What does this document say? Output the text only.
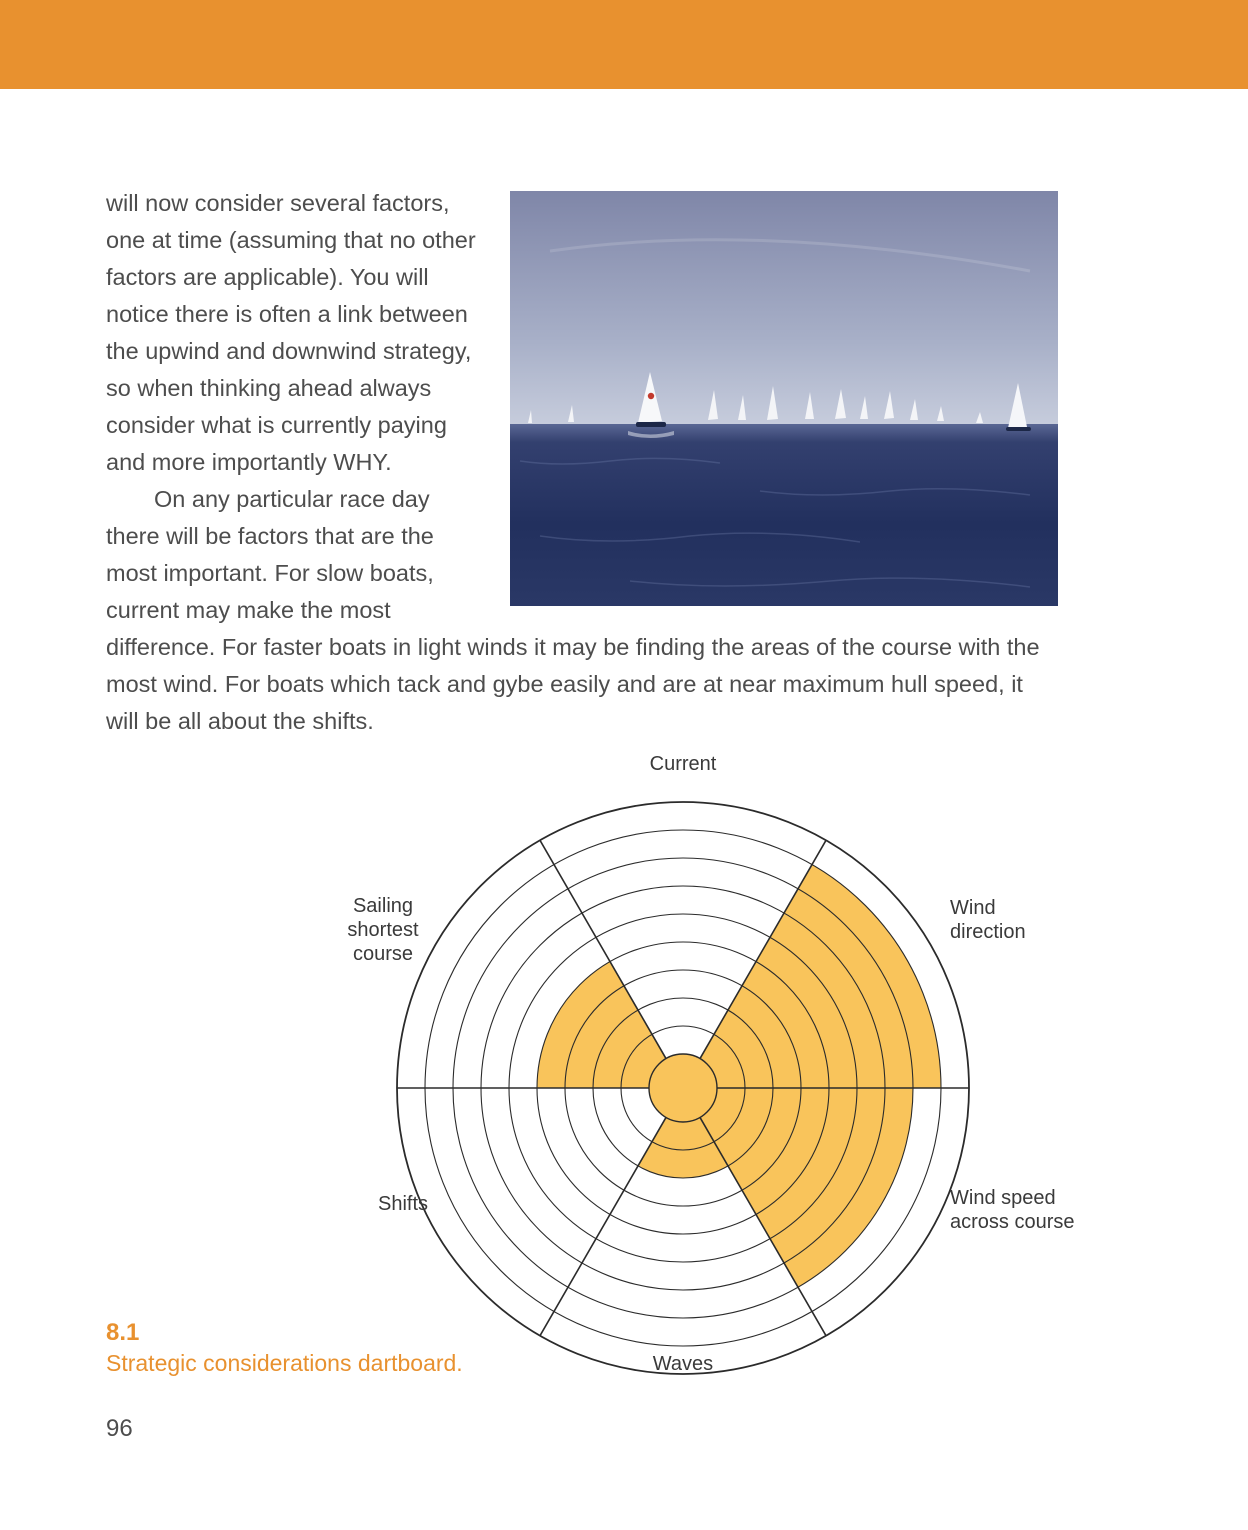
will now consider several factors, one at time (assuming that no other factors are applicable). You will notice there is often a link between the upwind and downwind strategy, so when thinking ahead always consider what is currently paying and more importantly WHY.

On any particular race day there will be factors that are the most important. For slow boats, current may make the most difference. For faster boats in light winds it may be finding the areas of the course with the most wind. For boats which tack and gybe easily and are at near maximum hull speed, it will be all about the shifts.

Current
Wind direction
Wind speed across course
Waves
Shifts
Sailing shortest course
8.1
Strategic considerations dartboard.
96
